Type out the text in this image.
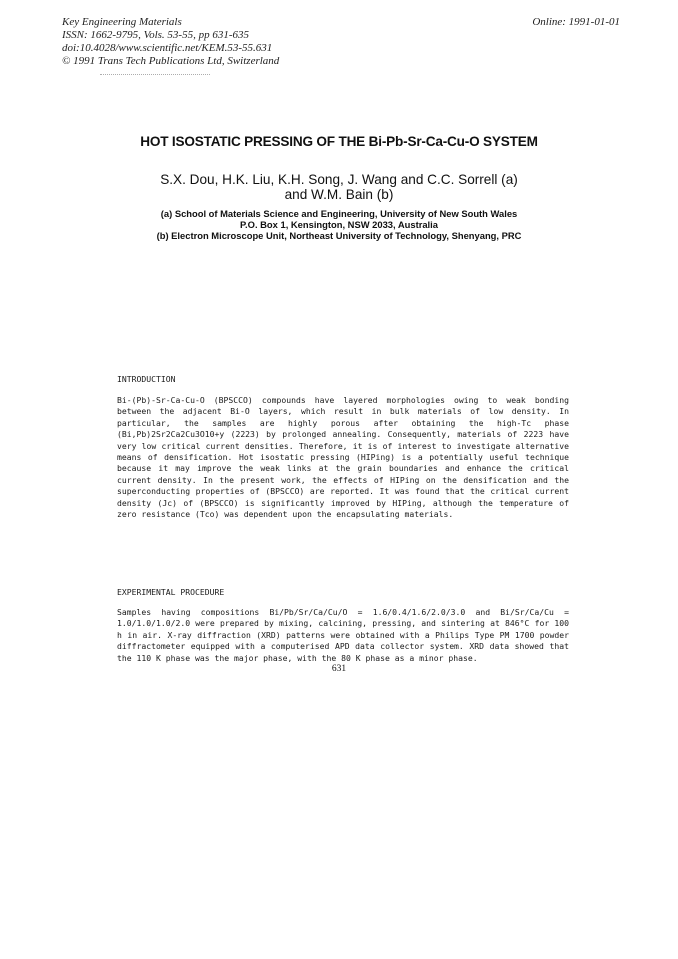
Key Engineering Materials
ISSN: 1662-9795, Vols. 53-55, pp 631-635
doi:10.4028/www.scientific.net/KEM.53-55.631
© 1991 Trans Tech Publications Ltd, Switzerland
Online: 1991-01-01
HOT ISOSTATIC PRESSING OF THE Bi-Pb-Sr-Ca-Cu-O SYSTEM
S.X. Dou, H.K. Liu, K.H. Song, J. Wang and C.C. Sorrell (a)
and W.M. Bain (b)
(a) School of Materials Science and Engineering, University of New South Wales
P.O. Box 1, Kensington, NSW 2033, Australia
(b) Electron Microscope Unit, Northeast University of Technology, Shenyang, PRC
INTRODUCTION

Bi-(Pb)-Sr-Ca-Cu-O (BPSCCO) compounds have layered morphologies owing to weak bonding between the adjacent Bi-O layers, which result in bulk materials of low density. In particular, the samples are highly porous after obtaining the high-Tc phase (Bi,Pb)2Sr2Ca2Cu3O10+y (2223) by prolonged annealing. Consequently, materials of 2223 have very low critical current densities. Therefore, it is of interest to investigate alternative means of densification. Hot isostatic pressing (HIPing) is a potentially useful technique because it may improve the weak links at the grain boundaries and enhance the critical current density. In the present work, the effects of HIPing on the densification and the superconducting properties of (BPSCCO) are reported. It was found that the critical current density (Jc) of (BPSCCO) is significantly improved by HIPing, although the temperature of zero resistance (Tco) was dependent upon the encapsulating materials.

EXPERIMENTAL PROCEDURE

Samples having compositions Bi/Pb/Sr/Ca/Cu/O = 1.6/0.4/1.6/2.0/3.0 and Bi/Sr/Ca/Cu = 1.0/1.0/1.0/2.0 were prepared by mixing, calcining, pressing, and sintering at 846°C for 100 h in air. X-ray diffraction (XRD) patterns were obtained with a Philips Type PM 1700 powder diffractometer equipped with a computerised APD data collector system. XRD data showed that the 110 K phase was the major phase, with the 80 K phase as a minor phase.

631
